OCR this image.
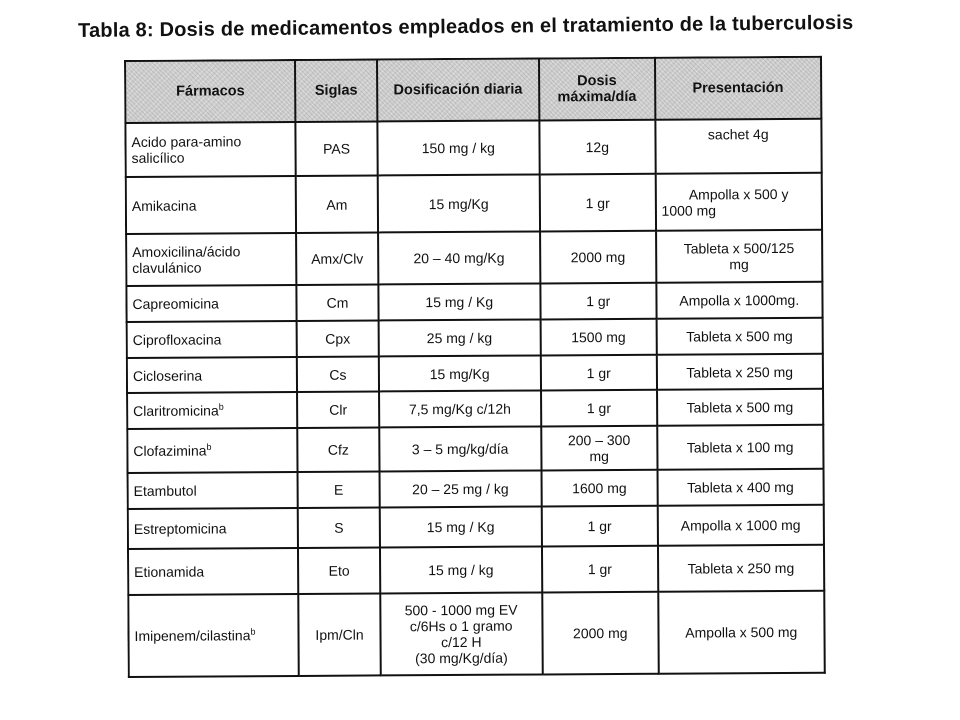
Tabla 8: Dosis de medicamentos empleados en el tratamiento de la tuberculosis
Fármacos	Siglas	Dosificación diaria	Dosis
máxima/día	Presentación
Acido para-amino
salicílico	PAS	150 mg / kg	12g	sachet 4g
Amikacina	Am	15 mg/Kg	1 gr	Ampolla x 500 y
1000 mg
Amoxicilina/ácido
clavulánico	Amx/Clv	20 – 40 mg/Kg	2000 mg	Tableta x 500/125
mg
Capreomicina	Cm	15 mg / Kg	1 gr	Ampolla x 1000mg.
Ciprofloxacina	Cpx	25 mg / kg	1500 mg	Tableta x 500 mg
Cicloserina	Cs	15 mg/Kg	1 gr	Tableta x 250 mg
Claritromicina$^b$	Clr	7,5 mg/Kg c/12h	1 gr	Tableta x 500 mg
Clofazimina$^b$	Cfz	3 – 5 mg/kg/día	200 – 300
mg	Tableta x 100 mg
Etambutol	E	20 – 25 mg / kg	1600 mg	Tableta x 400 mg
Estreptomicina	S	15 mg / Kg	1 gr	Ampolla x 1000 mg
Etionamida	Eto	15 mg / kg	1 gr	Tableta x 250 mg
Imipenem/cilastina$^b$	Ipm/Cln	500 - 1000 mg EV
c/6Hs o 1 gramo
c/12 H
(30 mg/Kg/día)	2000 mg	Ampolla x 500 mg
